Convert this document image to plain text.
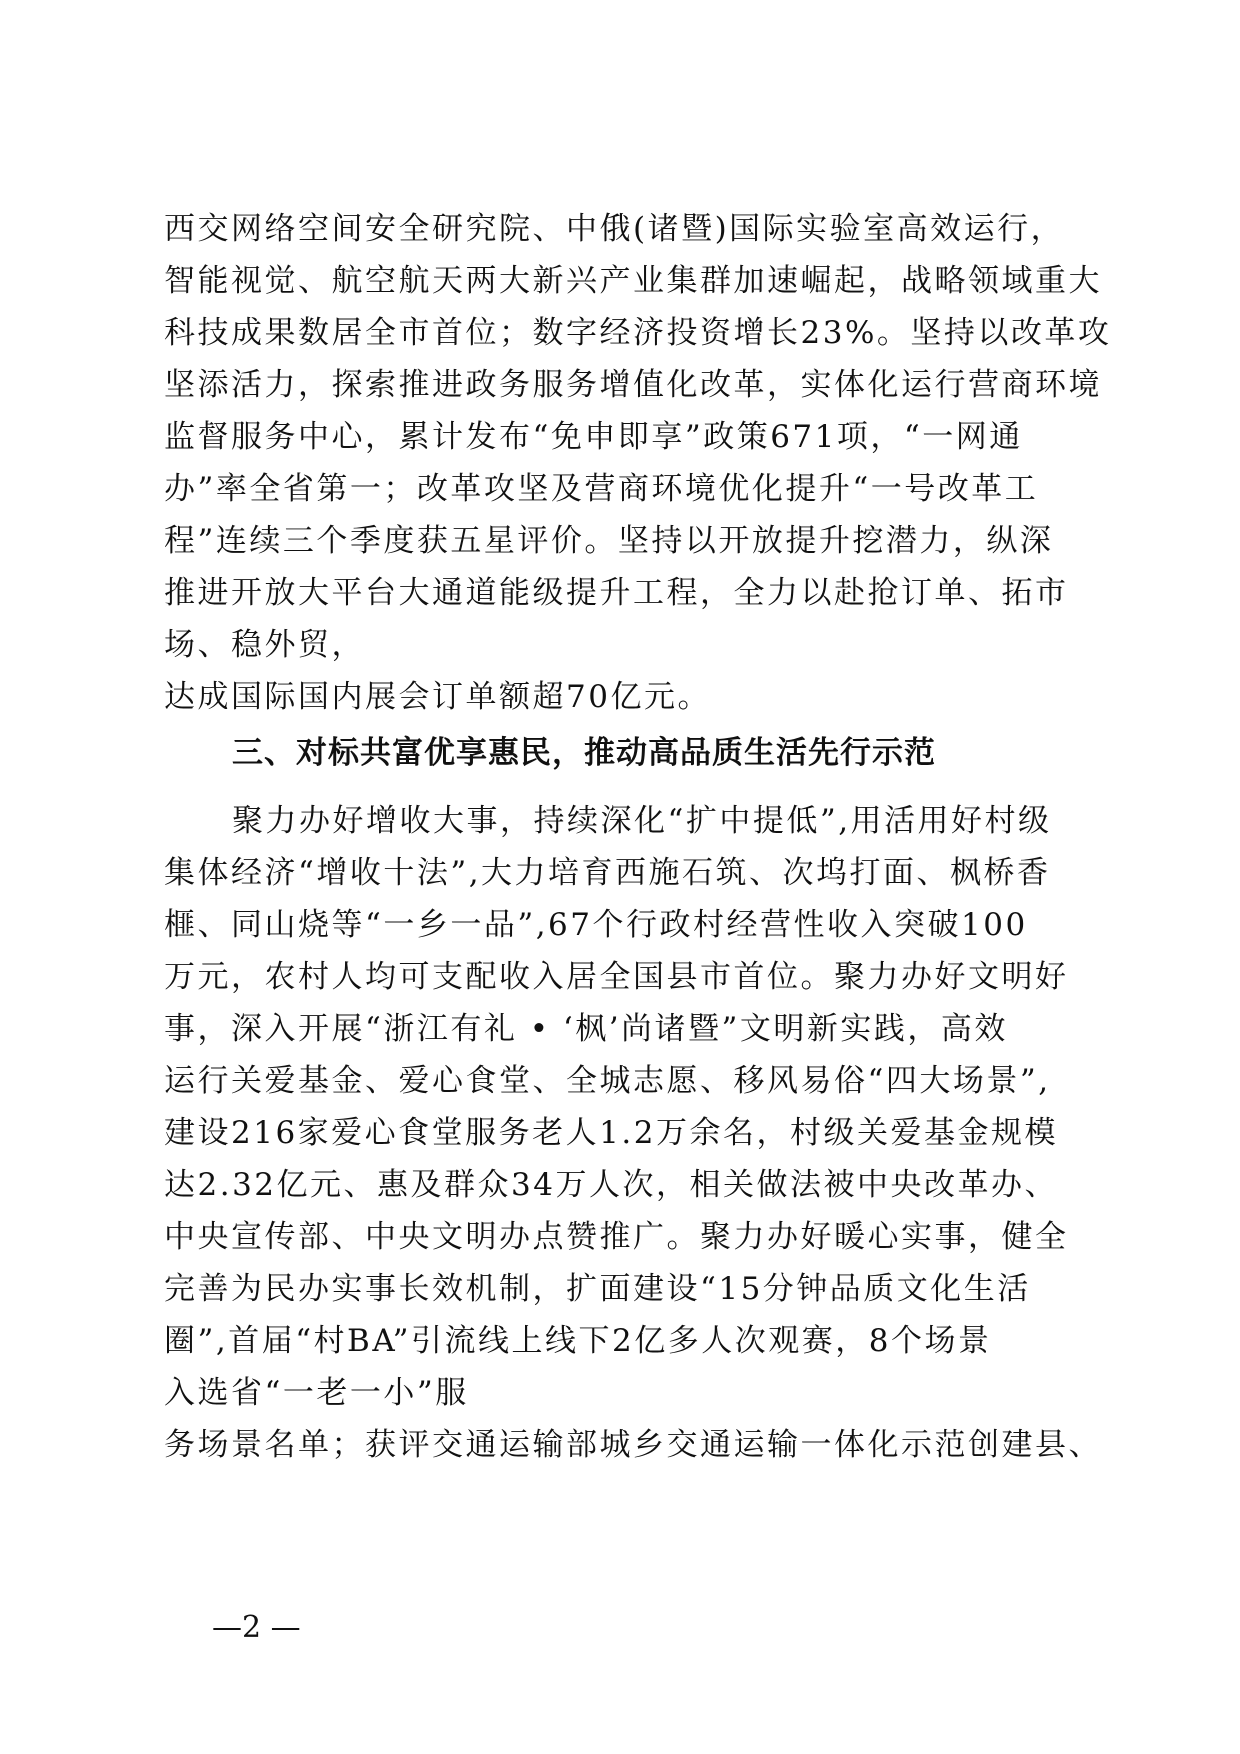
西交网络空间安全研究院、中俄(诸暨)国际实验室高效运行，
智能视觉、航空航天两大新兴产业集群加速崛起，战略领域重大
科技成果数居全市首位；数字经济投资增长23%。坚持以改革攻
坚添活力，探索推进政务服务增值化改革，实体化运行营商环境
监督服务中心，累计发布“免申即享”政策671项，“一网通
办”率全省第一；改革攻坚及营商环境优化提升“一号改革工
程”连续三个季度获五星评价。坚持以开放提升挖潜力，纵深
推进开放大平台大通道能级提升工程，全力以赴抢订单、拓市
场、稳外贸，
达成国际国内展会订单额超70亿元。
三、对标共富优享惠民，推动高品质生活先行示范
聚力办好增收大事，持续深化“扩中提低”,用活用好村级
集体经济“增收十法”,大力培育西施石筑、次坞打面、枫桥香
榧、同山烧等“一乡一品”,67个行政村经营性收入突破100
万元，农村人均可支配收入居全国县市首位。聚力办好文明好
事，深入开展“浙江有礼 • ‘枫’尚诸暨”文明新实践，高效
运行关爱基金、爱心食堂、全城志愿、移风易俗“四大场景”,
建设216家爱心食堂服务老人1.2万余名，村级关爱基金规模
达2.32亿元、惠及群众34万人次，相关做法被中央改革办、
中央宣传部、中央文明办点赞推广。聚力办好暖心实事，健全
完善为民办实事长效机制，扩面建设“15分钟品质文化生活
圈”,首届“村BA”引流线上线下2亿多人次观赛，8个场景
入选省“一老一小”服
务场景名单；获评交通运输部城乡交通运输一体化示范创建县、
—2 —
